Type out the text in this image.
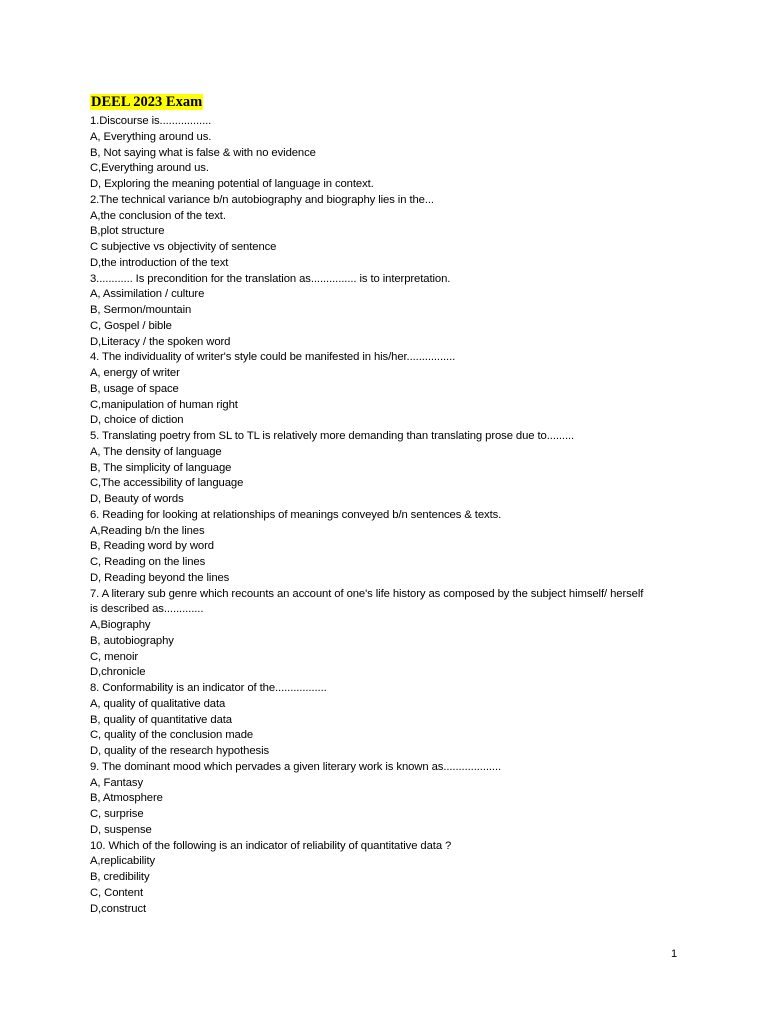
DEEL 2023 Exam
1.Discourse is.................
A, Everything around us.
B, Not saying what is false & with no evidence
C,Everything around us.
D, Exploring the meaning potential of language in context.
2.The technical variance b/n autobiography and biography lies in the...
A,the conclusion of the text.
B,plot structure
C subjective vs objectivity of sentence
D,the introduction of the text
3............ Is precondition for the translation as............... is to interpretation.
A, Assimilation / culture
B, Sermon/mountain
C, Gospel / bible
D,Literacy / the spoken word
4. The individuality of writer's style could be manifested in his/her................
A, energy of writer
B, usage of space
C,manipulation of human right
D, choice of diction
5. Translating poetry from SL to TL is relatively more demanding than translating prose due to.........
A, The density of language
B, The simplicity of language
C,The accessibility of language
D, Beauty of words
6. Reading for looking at relationships of meanings conveyed b/n sentences & texts.
A,Reading b/n the lines
B, Reading word by word
C, Reading on the lines
D, Reading beyond the lines
7. A literary sub genre which recounts an account of one's life history as composed by the subject himself/ herself
is described as.............
A,Biography
B, autobiography
C, menoir
D,chronicle
8. Conformability is an indicator of the.................
A, quality of qualitative data
B, quality of quantitative data
C, quality of the conclusion made
D, quality of the research hypothesis
9. The dominant mood which pervades a given literary work is known as...................
A, Fantasy
B, Atmosphere
C, surprise
D, suspense
10. Which of the following is an indicator of reliability of quantitative data ?
A,replicability
B, credibility
C, Content
D,construct
1
